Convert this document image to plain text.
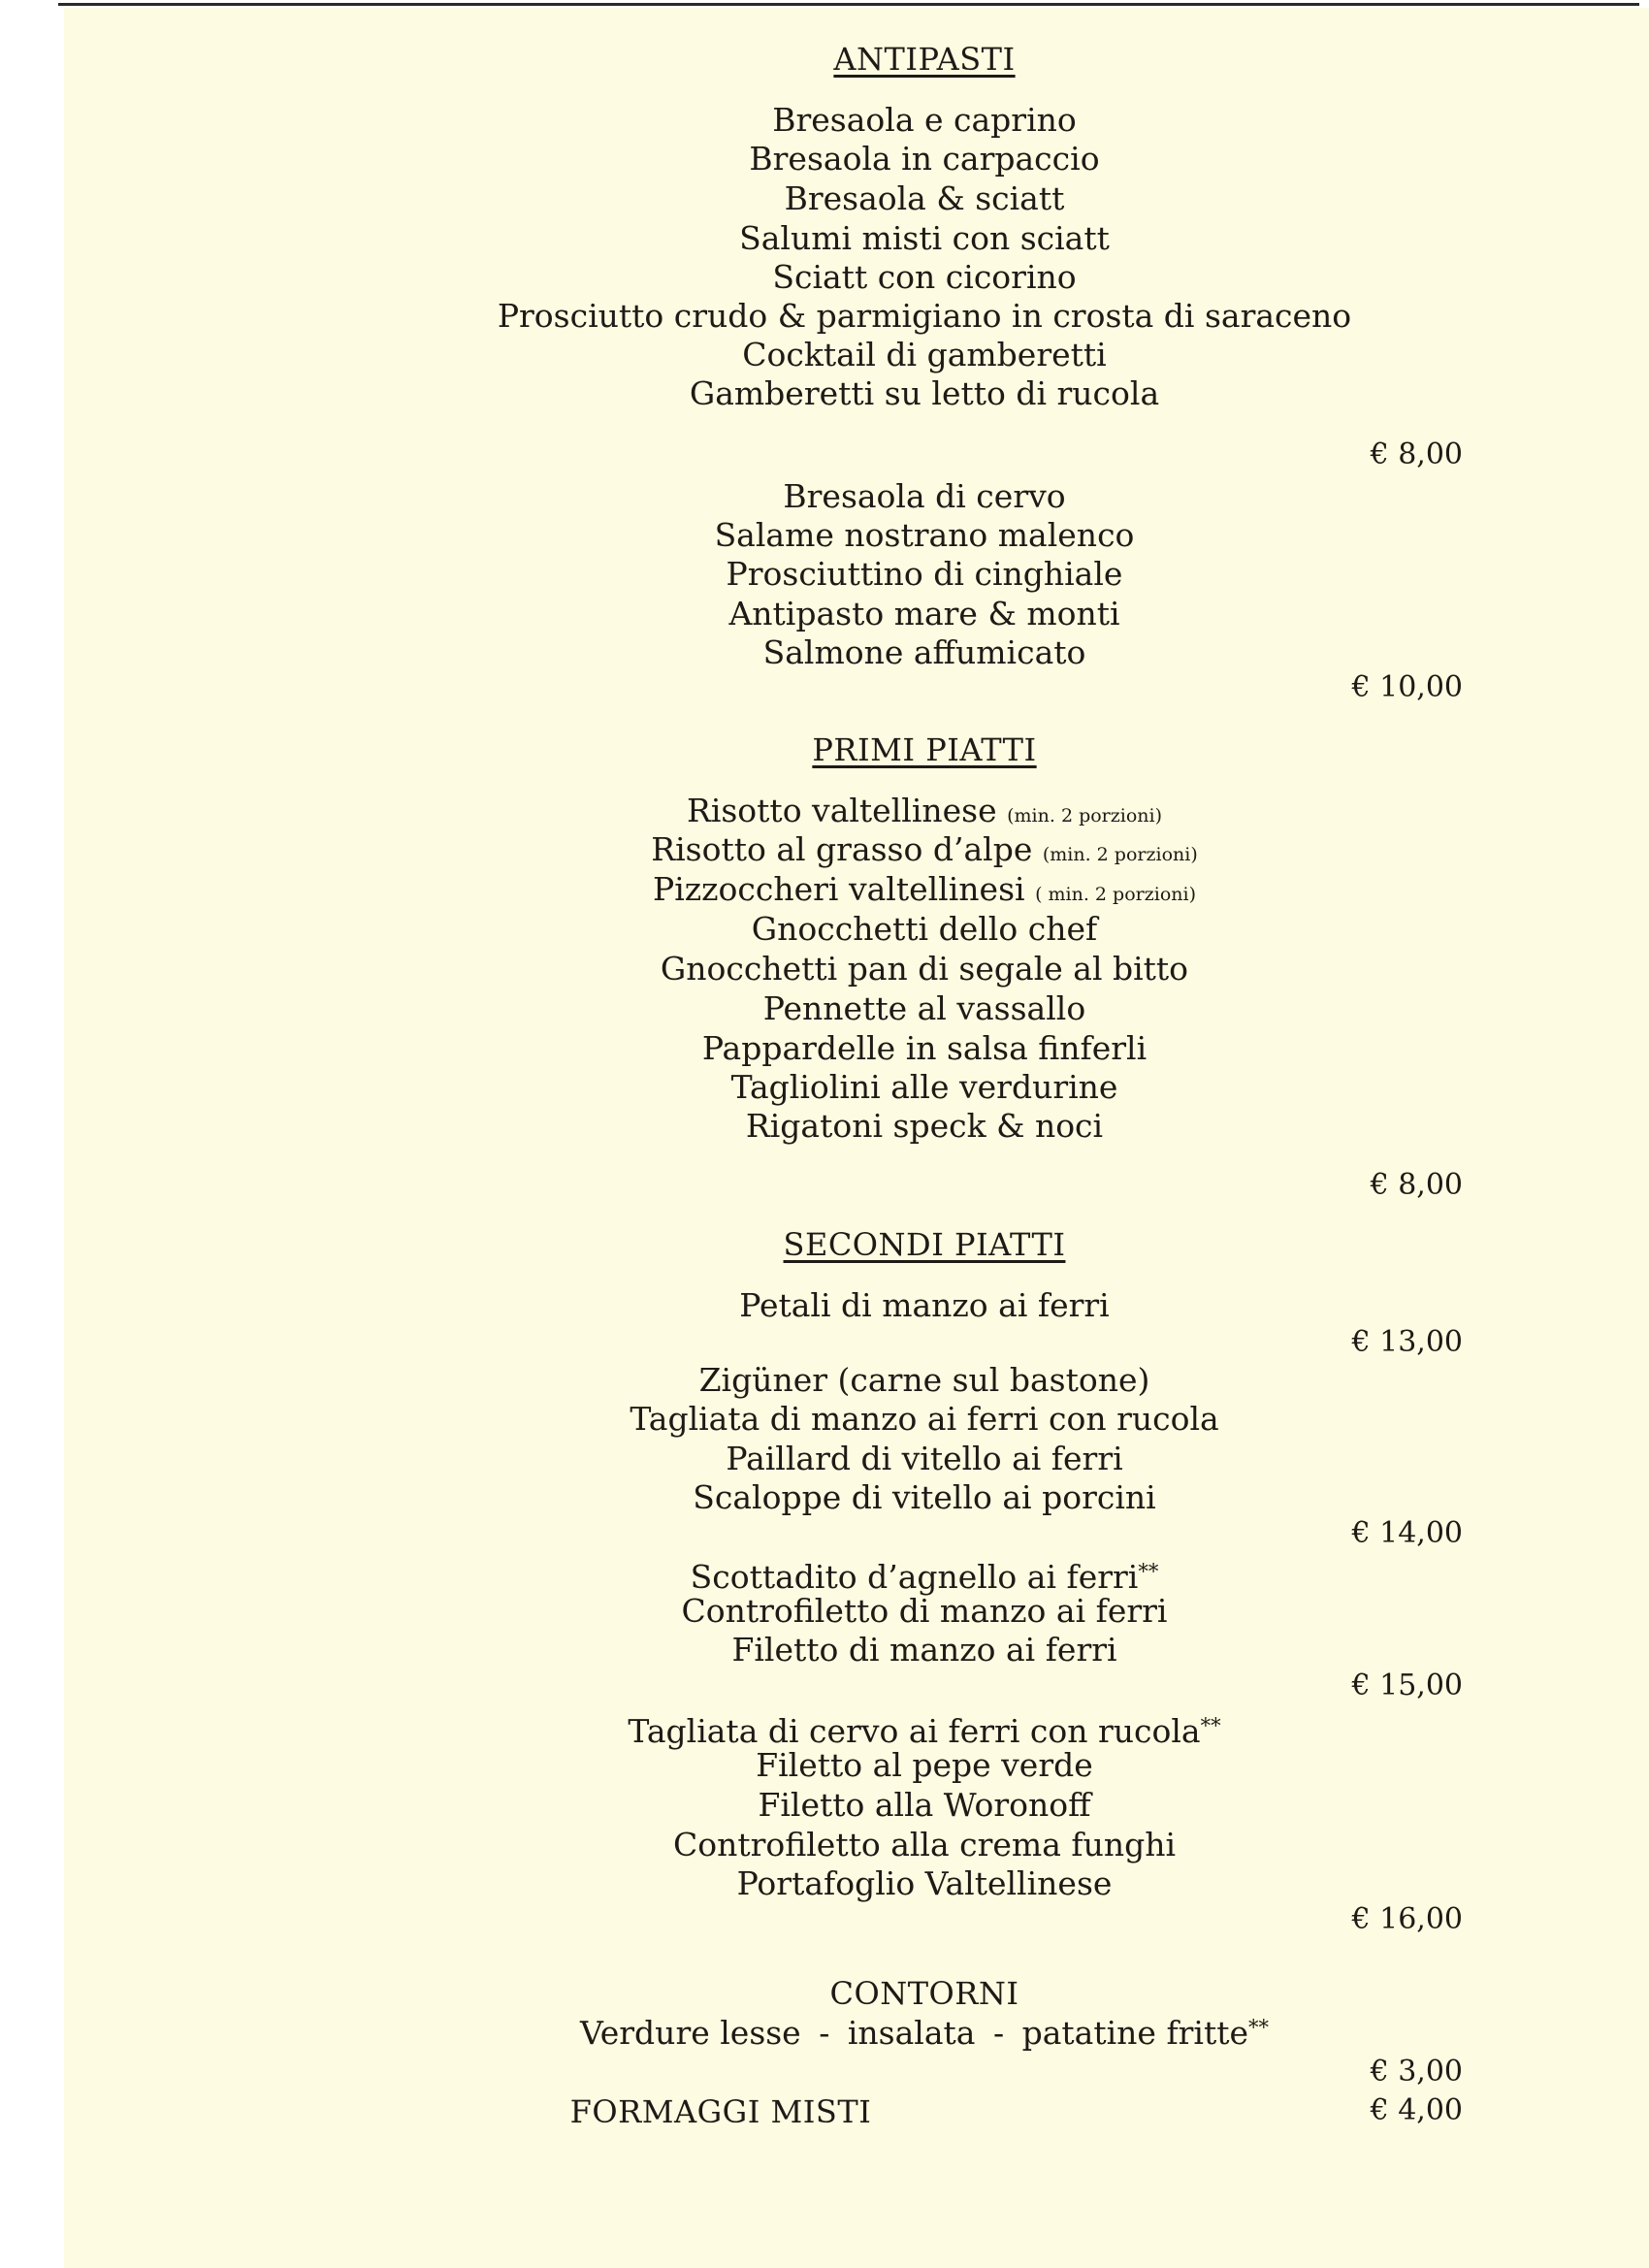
ANTIPASTI
Bresaola e caprino
Bresaola in carpaccio
Bresaola & sciatt
Salumi misti con sciatt
Sciatt con cicorino
Prosciutto crudo & parmigiano in crosta di saraceno
Cocktail di gamberetti
Gamberetti su letto di rucola
€ 8,00
Bresaola di cervo
Salame nostrano malenco
Prosciuttino di cinghiale
Antipasto mare & monti
Salmone affumicato
€ 10,00
PRIMI PIATTI
Risotto valtellinese (min. 2 porzioni)
Risotto al grasso d’alpe (min. 2 porzioni)
Pizzoccheri valtellinesi ( min. 2 porzioni)
Gnocchetti dello chef
Gnocchetti pan di segale al bitto
Pennette al vassallo
Pappardelle in salsa finferli
Tagliolini alle verdurine
Rigatoni speck & noci
€ 8,00
SECONDI PIATTI
Petali di manzo ai ferri
€ 13,00
Zigüner (carne sul bastone)
Tagliata di manzo ai ferri con rucola
Paillard di vitello ai ferri
Scaloppe di vitello ai porcini
€ 14,00
Scottadito d’agnello ai ferri**
Controfiletto di manzo ai ferri
Filetto di manzo ai ferri
€ 15,00
Tagliata di cervo ai ferri con rucola**
Filetto al pepe verde
Filetto alla Woronoff
Controfiletto alla crema funghi
Portafoglio Valtellinese
€ 16,00
CONTORNI
Verdure lesse - insalata - patatine fritte**
€ 3,00
FORMAGGI MISTI	€ 4,00
